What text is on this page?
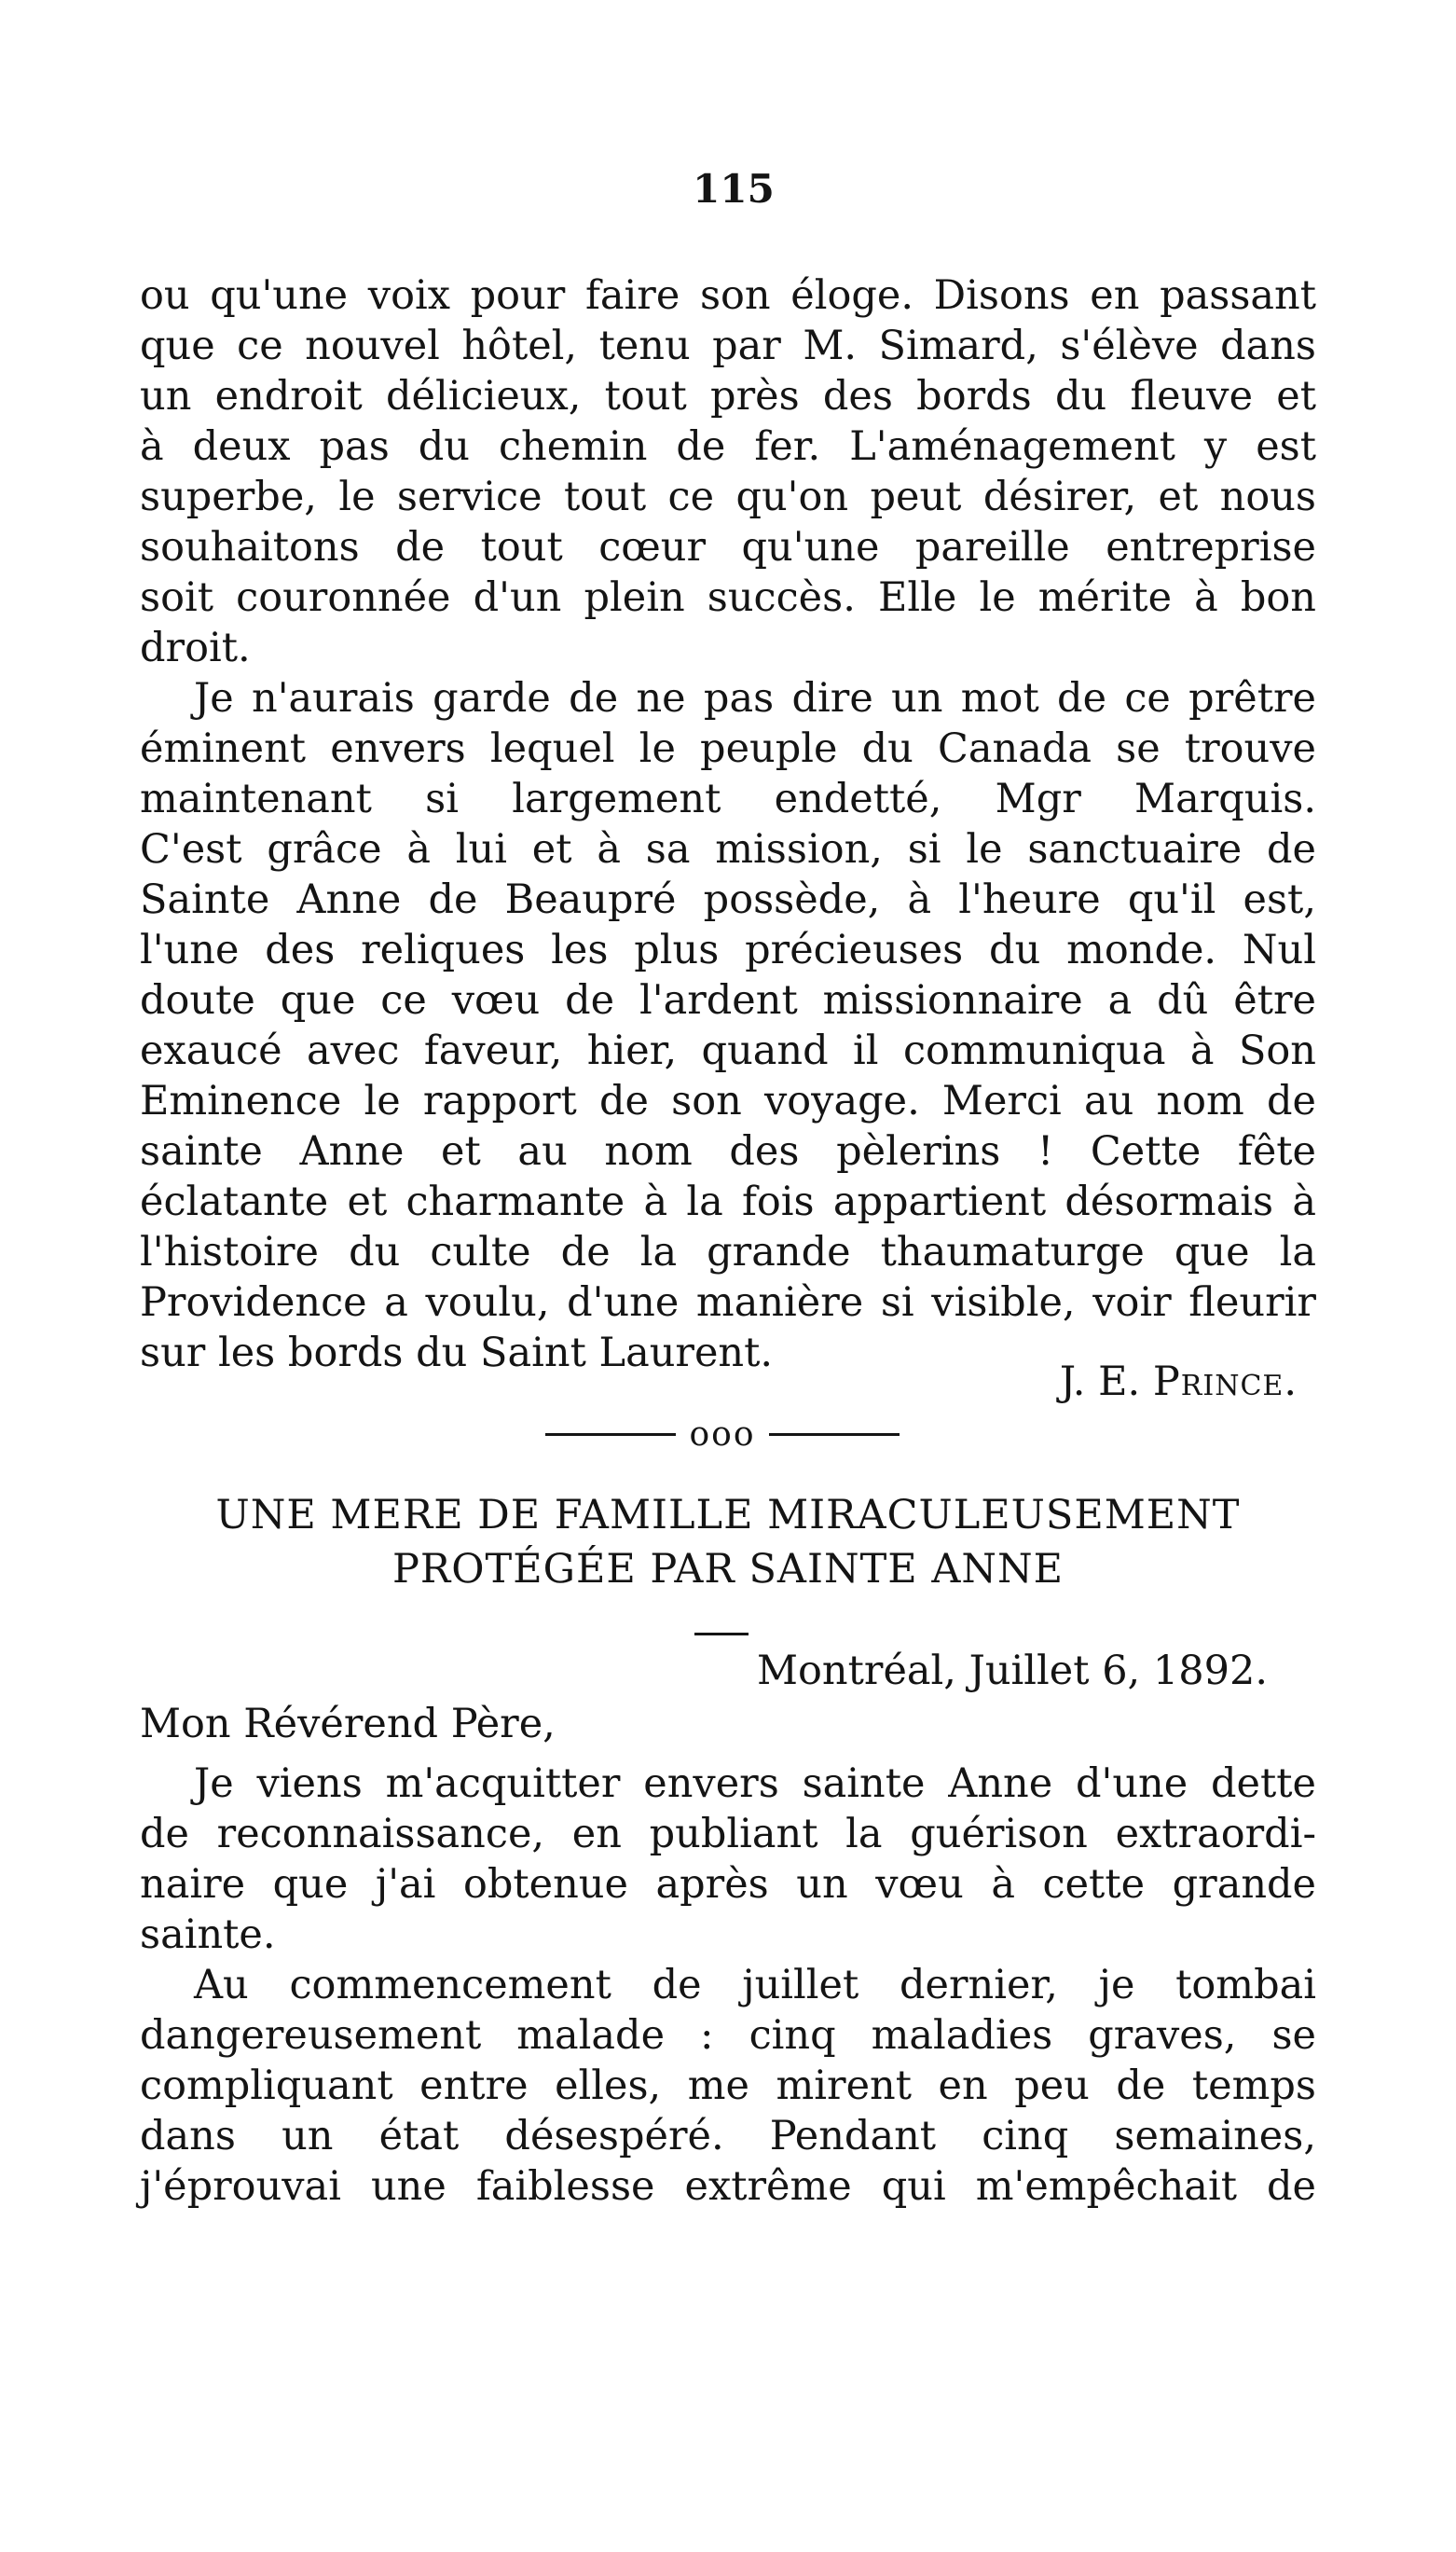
115
ou qu'une voix pour faire son éloge. Disons en passant
que ce nouvel hôtel, tenu par M. Simard, s'élève dans
un endroit délicieux, tout près des bords du fleuve et
à deux pas du chemin de fer. L'aménagement y est
superbe, le service tout ce qu'on peut désirer, et nous
souhaitons de tout cœur qu'une pareille entreprise
soit couronnée d'un plein succès. Elle le mérite à bon
droit.
Je n'aurais garde de ne pas dire un mot de ce prêtre
éminent envers lequel le peuple du Canada se trouve
maintenant si largement endetté, Mgr Marquis.
C'est grâce à lui et à sa mission, si le sanctuaire de
Sainte Anne de Beaupré possède, à l'heure qu'il est,
l'une des reliques les plus précieuses du monde. Nul
doute que ce vœu de l'ardent missionnaire a dû être
exaucé avec faveur, hier, quand il communiqua à Son
Eminence le rapport de son voyage. Merci au nom de
sainte Anne et au nom des pèlerins ! Cette fête
éclatante et charmante à la fois appartient désormais à
l'histoire du culte de la grande thaumaturge que la
Providence a voulu, d'une manière si visible, voir fleurir
sur les bords du Saint Laurent.
J. E. Prince.
ooo
UNE MERE DE FAMILLE MIRACULEUSEMENT
PROTÉGÉE PAR SAINTE ANNE
Montréal, Juillet 6, 1892.
Mon Révérend Père,
Je viens m'acquitter envers sainte Anne d'une dette
de reconnaissance, en publiant la guérison extraordi-
naire que j'ai obtenue après un vœu à cette grande
sainte.
Au commencement de juillet dernier, je tombai
dangereusement malade : cinq maladies graves, se
compliquant entre elles, me mirent en peu de temps
dans un état désespéré. Pendant cinq semaines,
j'éprouvai une faiblesse extrême qui m'empêchait de
